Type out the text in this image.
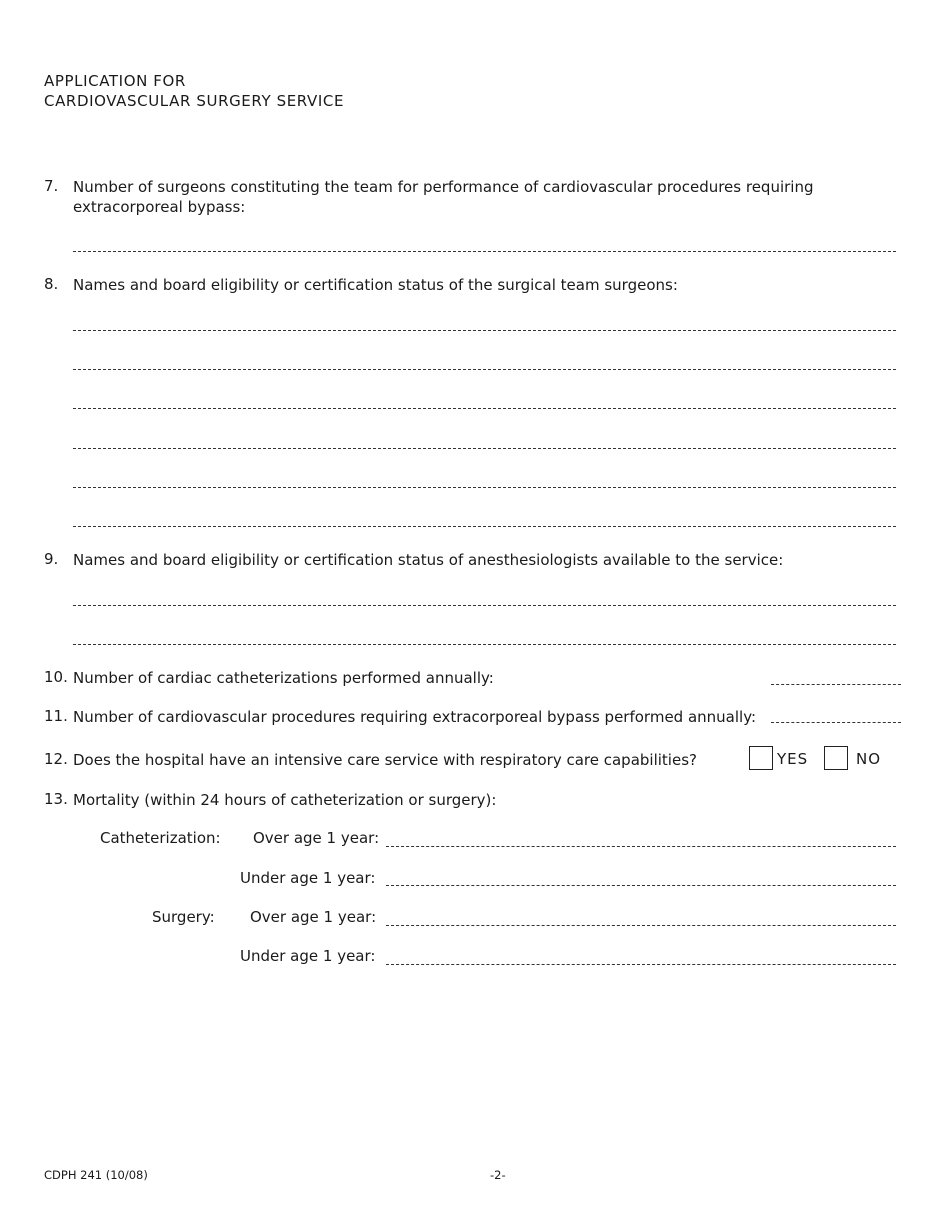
APPLICATION FOR
CARDIOVASCULAR SURGERY SERVICE
7. Number of surgeons constituting the team for performance of cardiovascular procedures requiring
extracorporeal bypass:
8. Names and board eligibility or certification status of the surgical team surgeons:
9. Names and board eligibility or certification status of anesthesiologists available to the service:
10. Number of cardiac catheterizations performed annually:
11. Number of cardiovascular procedures requiring extracorporeal bypass performed annually:
12. Does the hospital have an intensive care service with respiratory care capabilities?	YES	NO
13. Mortality (within 24 hours of catheterization or surgery):
Catheterization: Over age 1 year:
Under age 1 year:
Surgery: Over age 1 year:
Under age 1 year:
CDPH 241 (10/08)	-2-
